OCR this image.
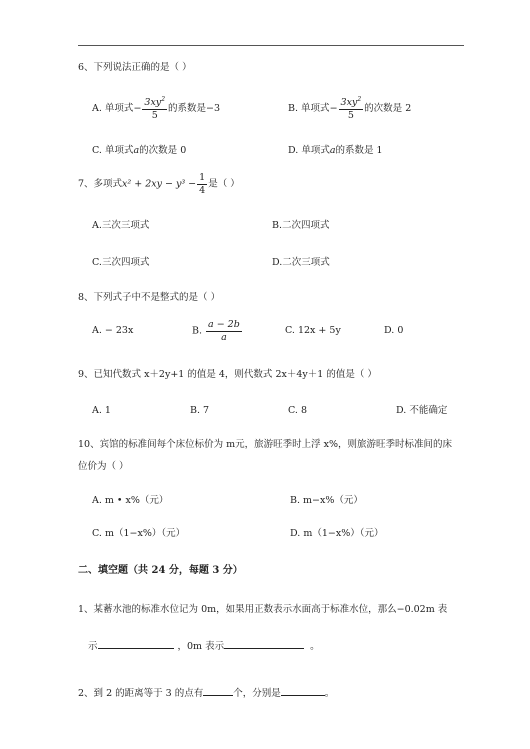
6、下列说法正确的是（ ）
A. 单项式− $\frac{3xy^2}{5}$ 的系数是−3	B. 单项式− $\frac{3xy^2}{5}$ 的次数是 2
C. 单项式a的次数是 0	D. 单项式a的系数是 1
7、多项式$x^2 + 2xy - y^3 - \frac{1}{4}$ 是（ ）
A.三次三项式	B.二次四项式
C.三次四项式	D.二次三项式
8、下列式子中不是整式的是（ ）
A. − 23x	B. $\frac{a - 2b}{a}$	C. 12x + 5y	D. 0
9、已知代数式 x＋2y+1 的值是 4，则代数式 2x＋4y＋1 的值是（ ）
A. 1	B. 7	C. 8	D. 不能确定
10、宾馆的标准间每个床位标价为 m元，旅游旺季时上浮 x%，则旅游旺季时标准间的床
位价为（ ）
A. m • x%（元）	B. m−x%（元）
C. m（1−x%）（元）	D. m（1−x%）（元）
二、填空题（共 24 分，每题 3 分）
1、某蓄水池的标准水位记为 0m，如果用正数表示水面高于标准水位，那么−0.02m 表
示	，0m 表示	。
2、到 2 的距离等于 3 的点有	个，分别是	。
